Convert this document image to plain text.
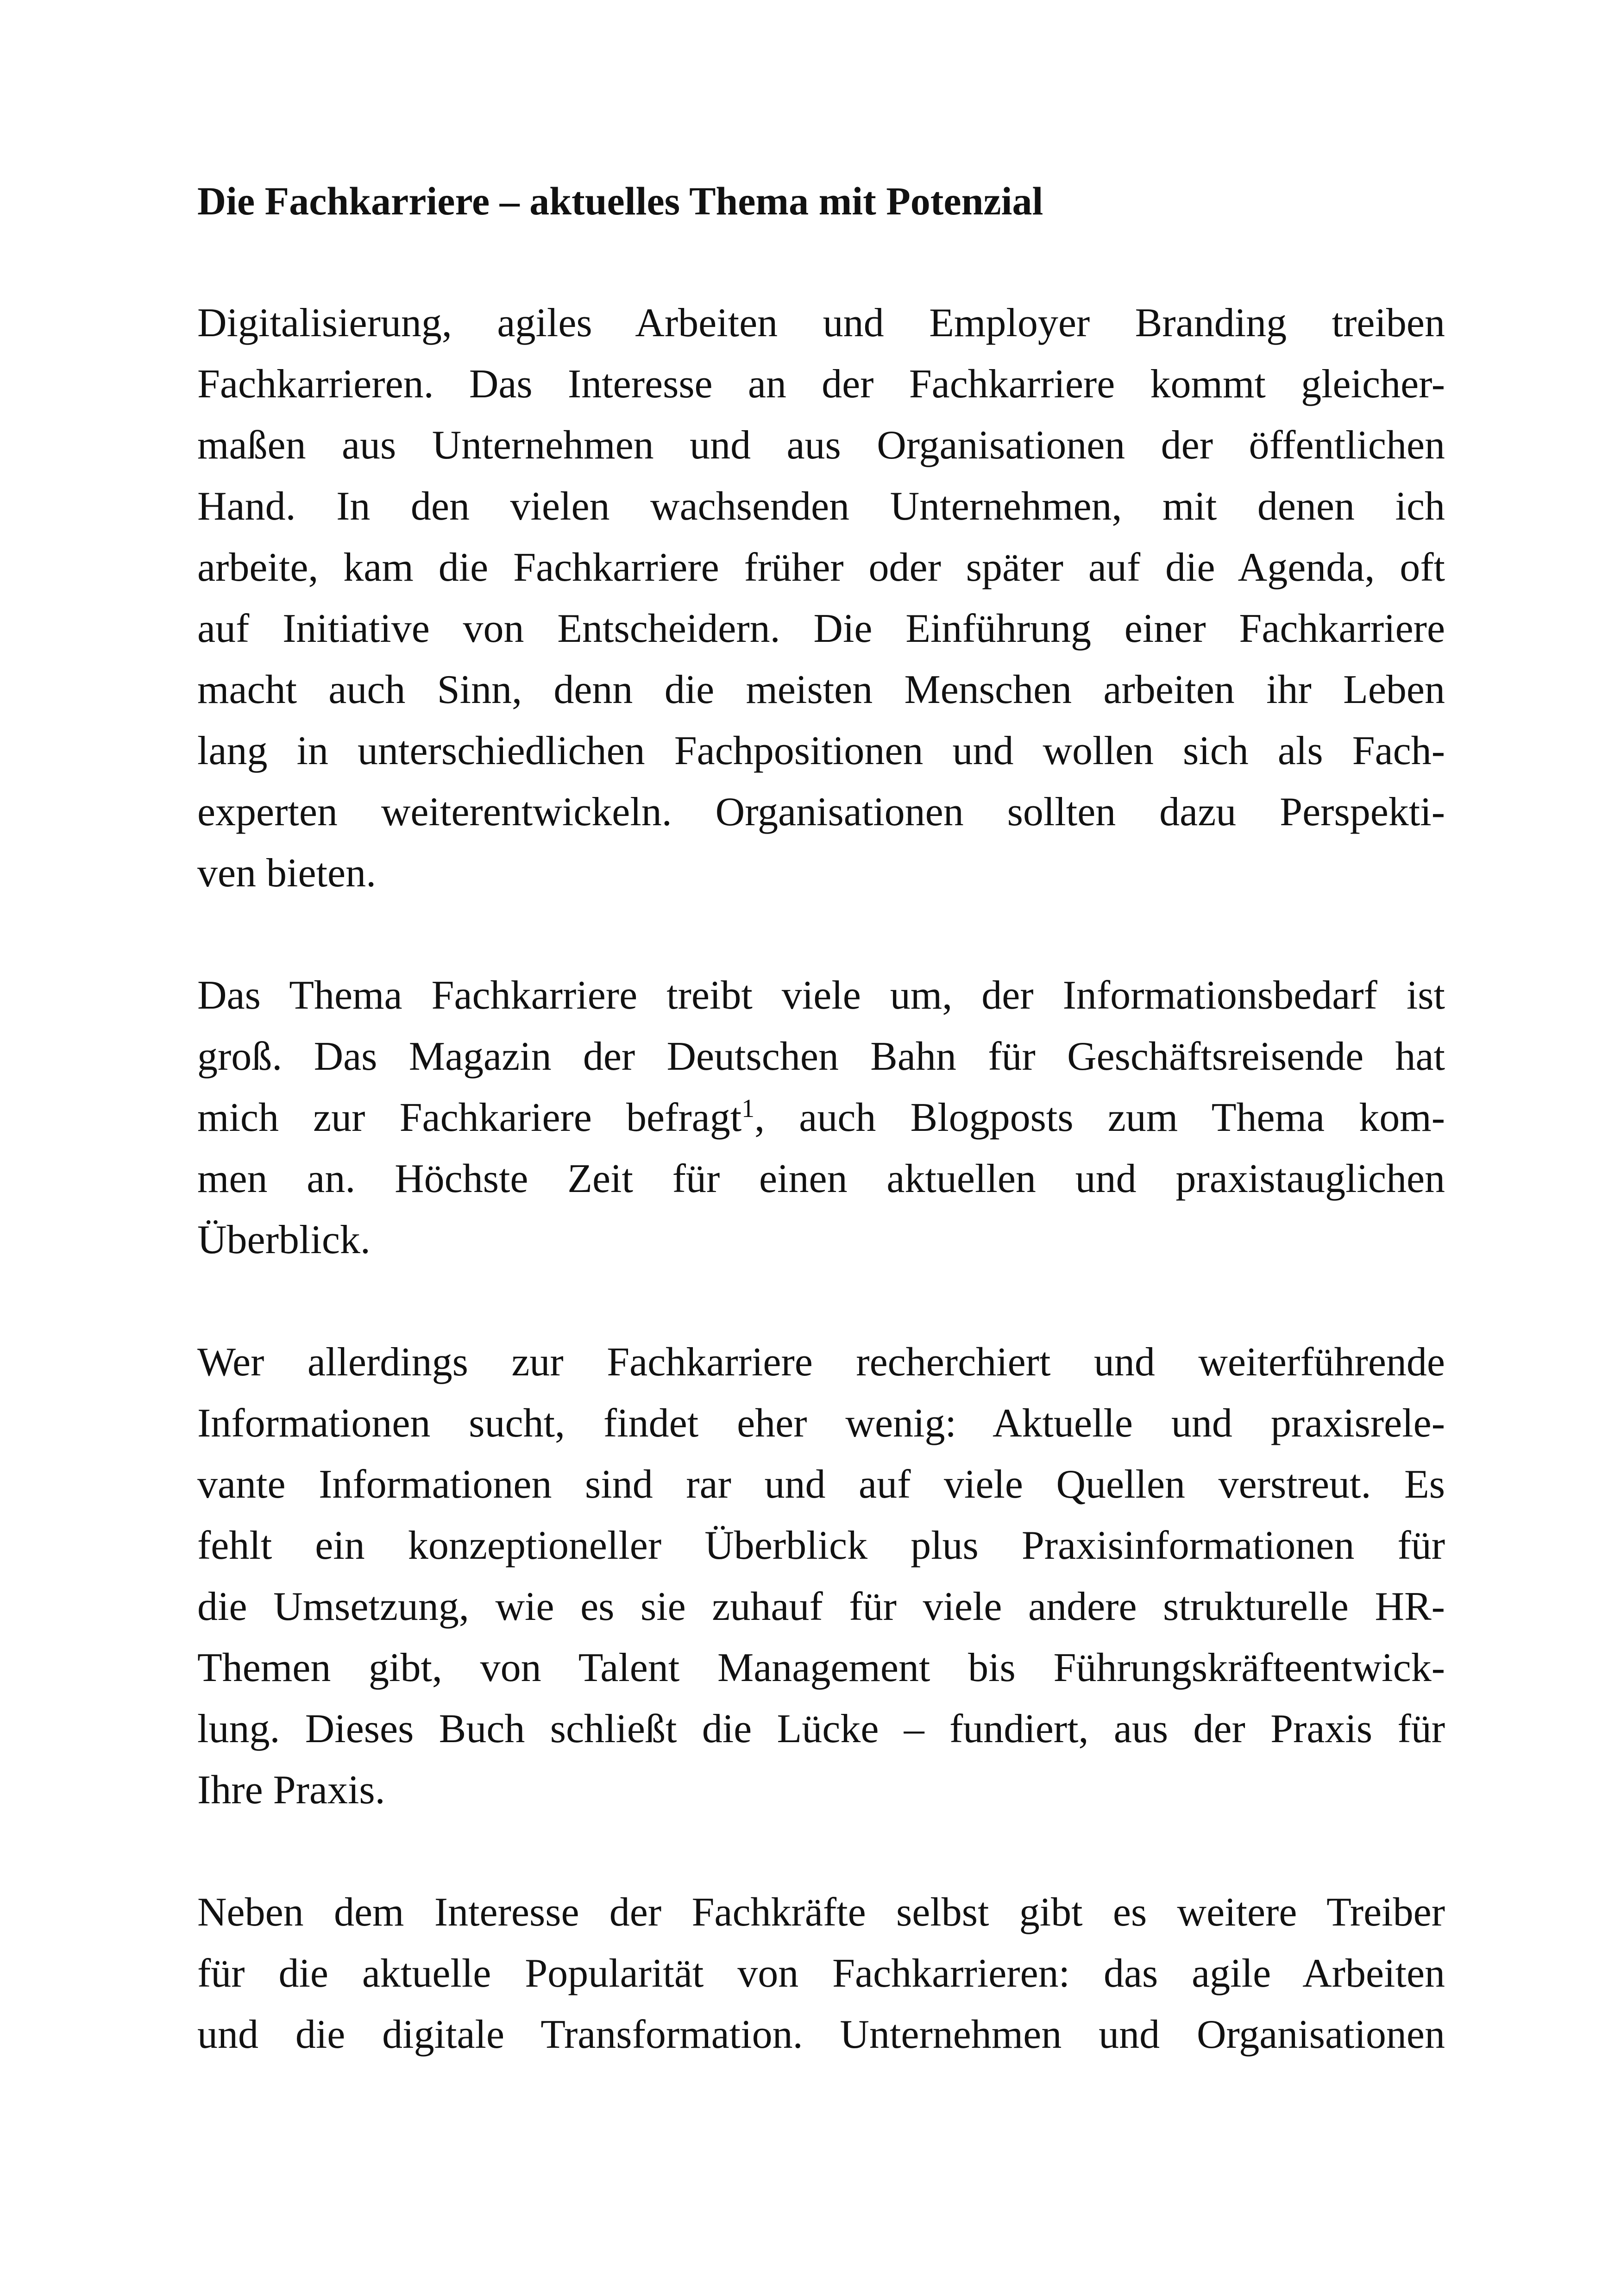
Die Fachkarriere – aktuelles Thema mit Potenzial
Digitalisierung, agiles Arbeiten und Employer Branding treiben
Fachkarrieren. Das Interesse an der Fachkarriere kommt gleicher-
maßen aus Unternehmen und aus Organisationen der öffentlichen
Hand. In den vielen wachsenden Unternehmen, mit denen ich
arbeite, kam die Fachkarriere früher oder später auf die Agenda, oft
auf Initiative von Entscheidern. Die Einführung einer Fachkarriere
macht auch Sinn, denn die meisten Menschen arbeiten ihr Leben
lang in unterschiedlichen Fachpositionen und wollen sich als Fach-
experten weiterentwickeln. Organisationen sollten dazu Perspekti-
ven bieten.
Das Thema Fachkarriere treibt viele um, der Informationsbedarf ist
groß. Das Magazin der Deutschen Bahn für Geschäftsreisende hat
mich zur Fachkariere befragt$^1$, auch Blogposts zum Thema kom-
men an. Höchste Zeit für einen aktuellen und praxistauglichen
Überblick.
Wer allerdings zur Fachkarriere recherchiert und weiterführende
Informationen sucht, findet eher wenig: Aktuelle und praxisrele-
vante Informationen sind rar und auf viele Quellen verstreut. Es
fehlt ein konzeptioneller Überblick plus Praxisinformationen für
die Umsetzung, wie es sie zuhauf für viele andere strukturelle HR-
Themen gibt, von Talent Management bis Führungskräfteentwick-
lung. Dieses Buch schließt die Lücke – fundiert, aus der Praxis für
Ihre Praxis.
Neben dem Interesse der Fachkräfte selbst gibt es weitere Treiber
für die aktuelle Popularität von Fachkarrieren: das agile Arbeiten
und die digitale Transformation. Unternehmen und Organisationen
